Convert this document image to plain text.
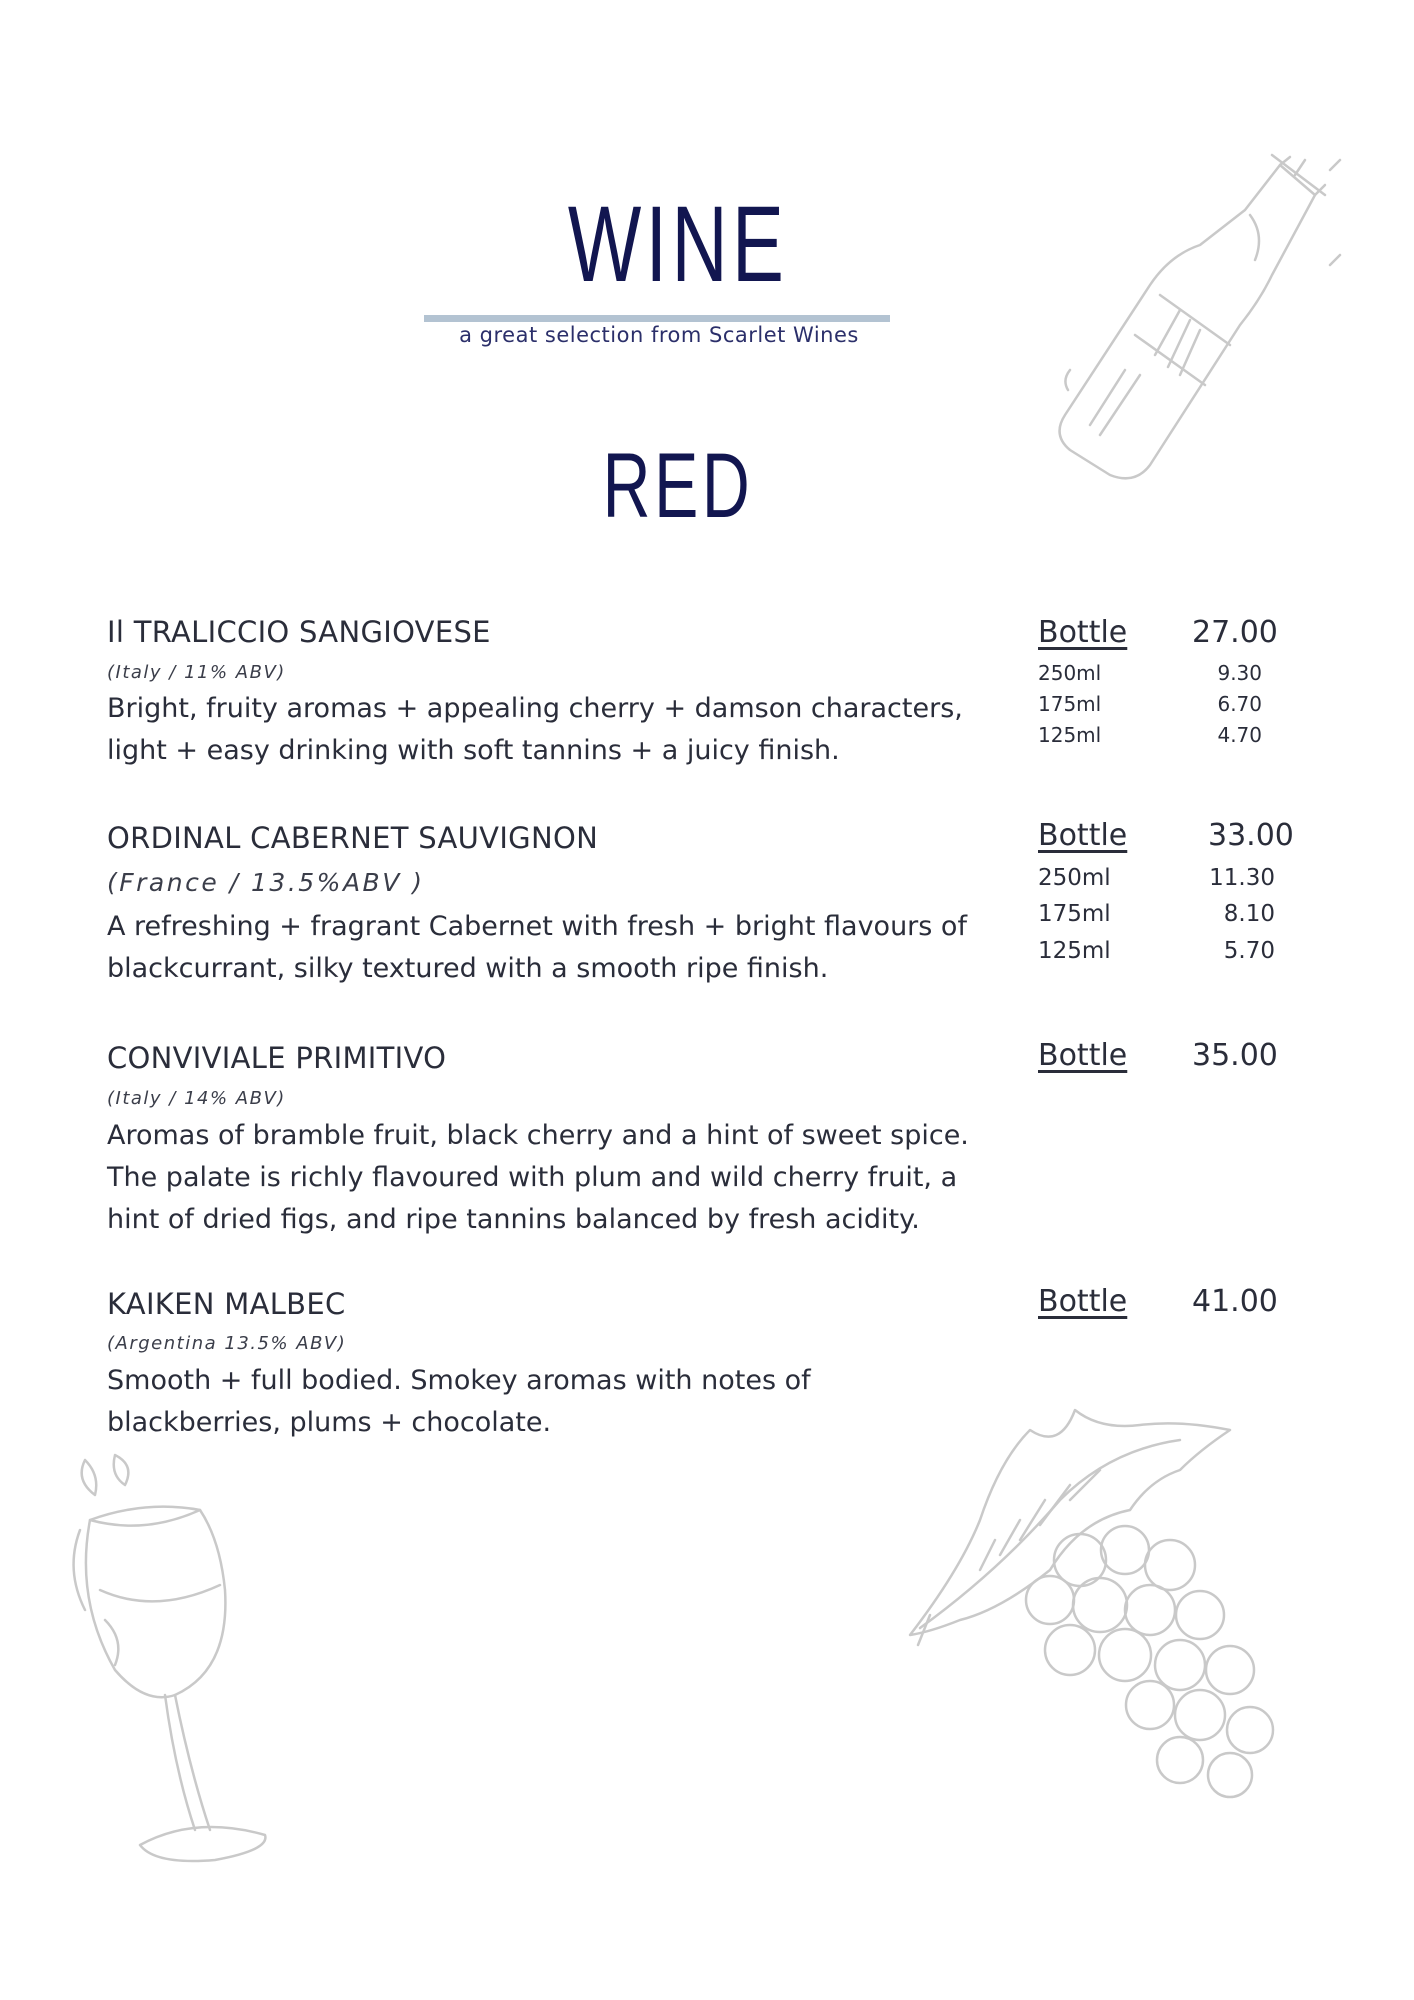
WINE
a great selection from Scarlet Wines
RED
Il TRALICCIO SANGIOVESE
(Italy / 11% ABV)
Bright, fruity aromas + appealing cherry + damson characters, light + easy drinking with soft tannins + a juicy finish.
Bottle 27.00
250ml	9.30
175ml	6.70
125ml	4.70
ORDINAL CABERNET SAUVIGNON
(France / 13.5%ABV )
A refreshing + fragrant Cabernet with fresh + bright flavours of blackcurrant, silky textured with a smooth ripe finish.
Bottle	33.00
250ml	11.30
175ml	8.10
125ml	5.70
CONVIVIALE PRIMITIVO
(Italy / 14% ABV)
Aromas of bramble fruit, black cherry and a hint of sweet spice. The palate is richly flavoured with plum and wild cherry fruit, a hint of dried figs, and ripe tannins balanced by fresh acidity.
Bottle 35.00
KAIKEN MALBEC
(Argentina 13.5% ABV)
Smooth + full bodied. Smokey aromas with notes of blackberries, plums + chocolate.
Bottle 41.00
